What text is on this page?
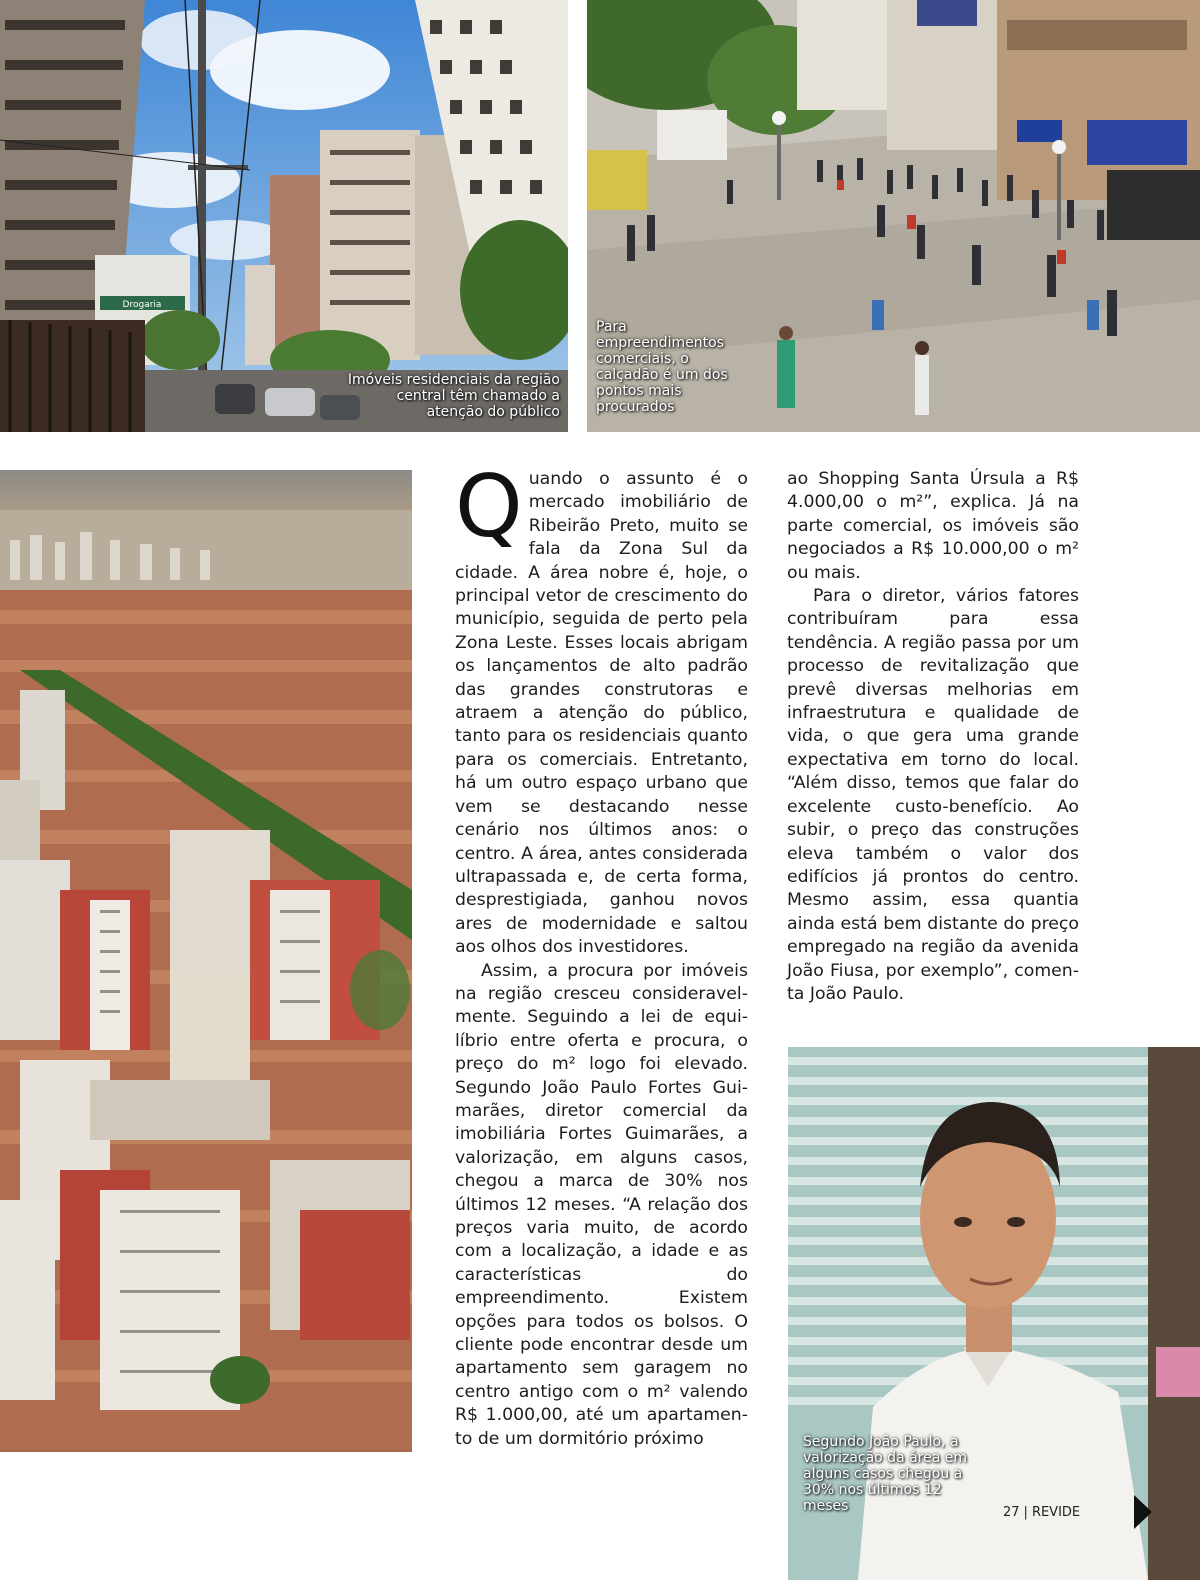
Drogaria
Imóveis residenciais da região central têm chamado a atenção do público
Para empreendimentos comerciais, o calçadão é um dos pontos mais procurados

Quando o assunto é o mercado imobiliário de Ribeirão Preto, muito se fala da Zona Sul da cidade. A área nobre é, hoje, o principal vetor de crescimento do município, seguida de perto pela Zona Leste. Esses locais abrigam os lançamentos de alto padrão das grandes construtoras e atraem a atenção do público, tanto para os residenciais quanto para os comerciais. Entretanto, há um outro espaço urbano que vem se destacando nesse cenário nos últimos anos: o centro. A área, antes considerada ultrapassada e, de certa forma, desprestigiada, ganhou novos ares de modernidade e saltou aos olhos dos investidores.

Assim, a procura por imóveis na região cresceu consideravelmente. Seguindo a lei de equilíbrio entre oferta e procura, o preço do m² logo foi elevado. Segundo João Paulo Fortes Guimarães, diretor comercial da imobiliária Fortes Guimarães, a valorização, em alguns casos, chegou a marca de 30% nos últimos 12 meses. “A relação dos preços varia muito, de acordo com a localização, a idade e as características do empreendimento. Existem opções para todos os bolsos. O cliente pode encontrar desde um apartamento sem garagem no centro antigo com o m² valendo R$ 1.000,00, até um apartamento de um dormitório próximo

ao Shopping Santa Úrsula a R$ 4.000,00 o m²”, explica. Já na parte comercial, os imóveis são negociados a R$ 10.000,00 o m² ou mais.

Para o diretor, vários fatores contribuíram para essa tendência. A região passa por um processo de revitalização que prevê diversas melhorias em infraestrutura e qualidade de vida, o que gera uma grande expectativa em torno do local. “Além disso, temos que falar do excelente custo-benefício. Ao subir, o preço das construções eleva também o valor dos edifícios já prontos do centro. Mesmo assim, essa quantia ainda está bem distante do preço empregado na região da avenida João Fiusa, por exemplo”, comenta João Paulo.

Segundo João Paulo, a valorização da área em alguns casos chegou a 30% nos últimos 12 meses	27 | REVIDE
